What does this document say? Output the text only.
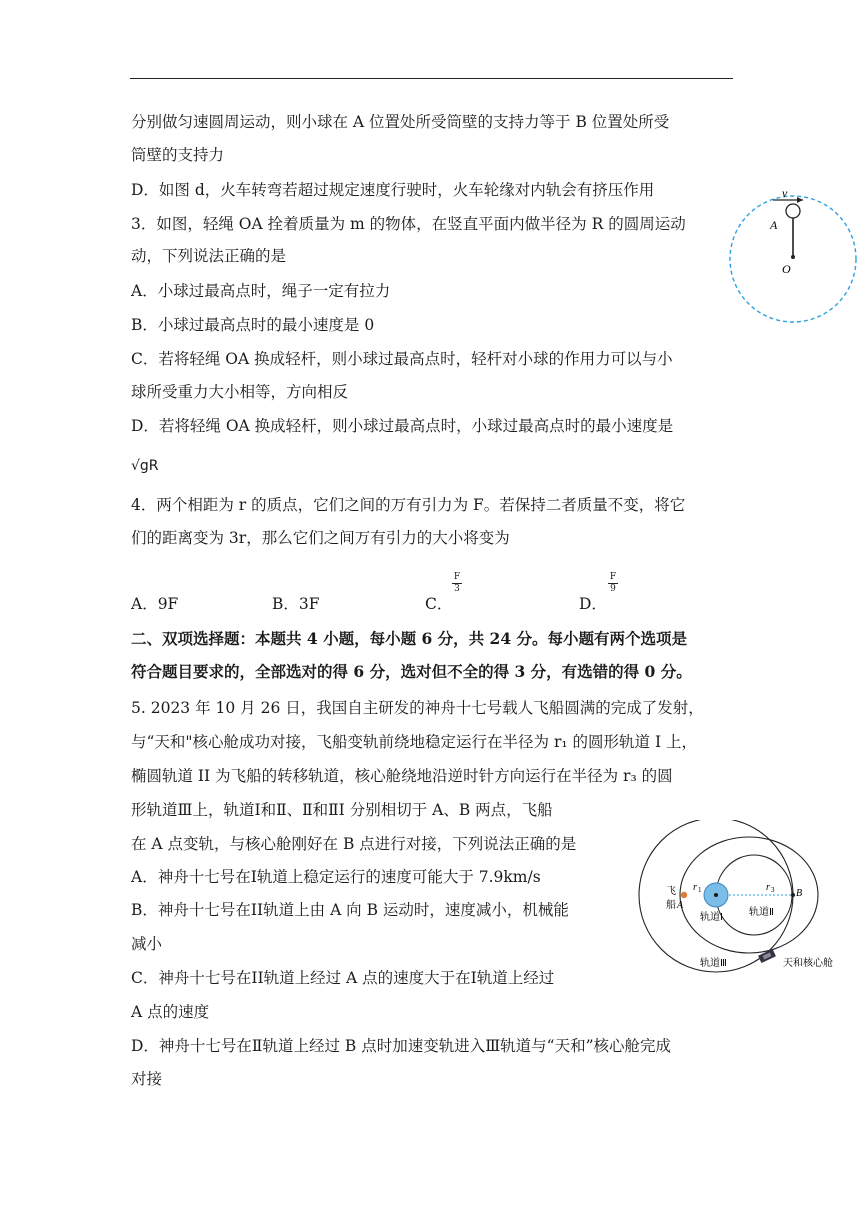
分别做匀速圆周运动，则小球在 A 位置处所受筒壁的支持力等于 B 位置处所受
筒壁的支持力
D．如图 d，火车转弯若超过规定速度行驶时，火车轮缘对内轨会有挤压作用
3．如图，轻绳 OA 拴着质量为 m 的物体，在竖直平面内做半径为 R 的圆周运动
动，下列说法正确的是
A．小球过最高点时，绳子一定有拉力
B．小球过最高点时的最小速度是 0
C．若将轻绳 OA 换成轻杆，则小球过最高点时，轻杆对小球的作用力可以与小
球所受重力大小相等，方向相反
D．若将轻绳 OA 换成轻杆，则小球过最高点时，小球过最高点时的最小速度是
√gR
4．两个相距为 r 的质点，它们之间的万有引力为 F。若保持二者质量不变，将它
们的距离变为 3r，那么它们之间万有引力的大小将变为
A．9F	B．3F	C．
F
3
D．
F
9
二、双项选择题：本题共 4 小题，每小题 6 分，共 24 分。每小题有两个选项是
符合题目要求的，全部选对的得 6 分，选对但不全的得 3 分，有选错的得 0 分。
5. 2023 年 10 月 26 日，我国自主研发的神舟十七号载人飞船圆满的完成了发射，
与“天和"核心舱成功对接，飞船变轨前绕地稳定运行在半径为 r₁ 的圆形轨道 I 上，
椭圆轨道 II 为飞船的转移轨道，核心舱绕地沿逆时针方向运行在半径为 r₃ 的圆
形轨道Ⅲ上，轨道Ⅰ和Ⅱ、Ⅱ和ⅡI 分别相切于 A、B 两点，飞船
在 A 点变轨，与核心舱刚好在 B 点进行对接，下列说法正确的是
A．神舟十七号在Ⅰ轨道上稳定运行的速度可能大于 7.9km/s
B．神舟十七号在ⅠⅠ轨道上由 A 向 B 运动时，速度减小，机械能
减小
C．神舟十七号在ⅠⅠ轨道上经过 A 点的速度大于在Ⅰ轨道上经过
A 点的速度
D．神舟十七号在Ⅱ轨道上经过 B 点时加速变轨进入Ⅲ轨道与“天和”核心舱完成
对接
v
A
O
飞
船 A
B
r 1	r 3
轨道Ⅰ	轨道Ⅱ
轨道Ⅲ	天和核心舱
